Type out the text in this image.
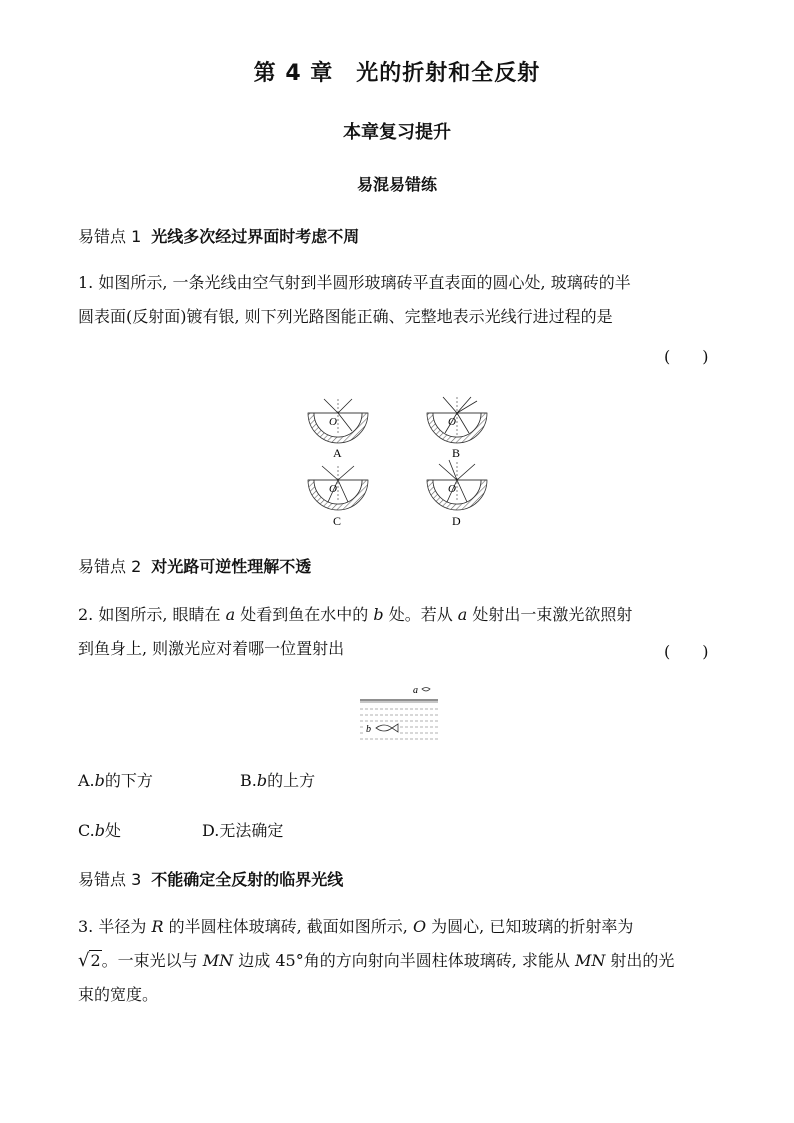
第 4 章　光的折射和全反射
本章复习提升
易混易错练
易错点 1 光线多次经过界面时考虑不周
1. 如图所示, 一条光线由空气射到半圆形玻璃砖平直表面的圆心处, 玻璃砖的半
圆表面(反射面)镀有银, 则下列光路图能正确、完整地表示光线行进过程的是
(　　)
O
A
O
B
O
C
O
D
易错点 2 对光路可逆性理解不透
2. 如图所示, 眼睛在 a 处看到鱼在水中的 b 处。若从 a 处射出一束激光欲照射
到鱼身上, 则激光应对着哪一位置射出	(　　)
a
b
A.b的下方	B.b的上方
C.b处	D.无法确定
易错点 3 不能确定全反射的临界光线
3. 半径为 R 的半圆柱体玻璃砖, 截面如图所示, O 为圆心, 已知玻璃的折射率为
√2。一束光以与 MN 边成 45°角的方向射向半圆柱体玻璃砖, 求能从 MN 射出的光
束的宽度。
